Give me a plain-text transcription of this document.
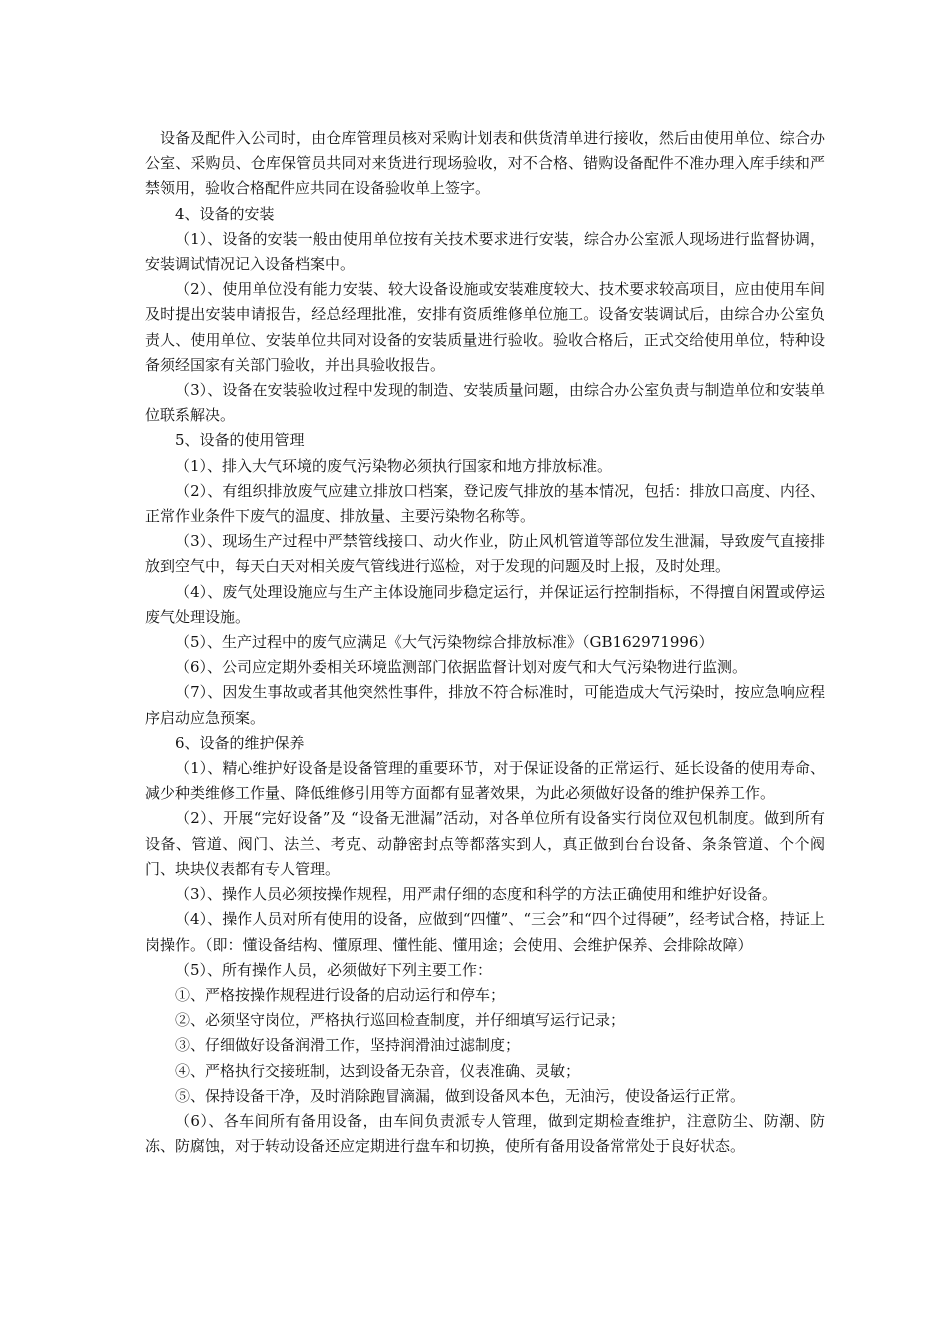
设备及配件入公司时，由仓库管理员核对采购计划表和供货清单进行接收，然后由使用单位、综合办公室、采购员、仓库保管员共同对来货进行现场验收，对不合格、错购设备配件不准办理入库手续和严禁领用，验收合格配件应共同在设备验收单上签字。

4、设备的安装

（1）、设备的安装一般由使用单位按有关技术要求进行安装，综合办公室派人现场进行监督协调，安装调试情况记入设备档案中。

（2）、使用单位没有能力安装、较大设备设施或安装难度较大、技术要求较高项目，应由使用车间及时提出安装申请报告，经总经理批准，安排有资质维修单位施工。设备安装调试后，由综合办公室负责人、使用单位、安装单位共同对设备的安装质量进行验收。验收合格后，正式交给使用单位，特种设备须经国家有关部门验收，并出具验收报告。

（3）、设备在安装验收过程中发现的制造、安装质量问题，由综合办公室负责与制造单位和安装单位联系解决。

5、设备的使用管理

（1）、排入大气环境的废气污染物必须执行国家和地方排放标准。

（2）、有组织排放废气应建立排放口档案，登记废气排放的基本情况，包括：排放口高度、内径、正常作业条件下废气的温度、排放量、主要污染物名称等。

（3）、现场生产过程中严禁管线接口、动火作业，防止风机管道等部位发生泄漏，导致废气直接排放到空气中，每天白天对相关废气管线进行巡检，对于发现的问题及时上报，及时处理。

（4）、废气处理设施应与生产主体设施同步稳定运行，并保证运行控制指标，不得擅自闲置或停运废气处理设施。

（5）、生产过程中的废气应满足《大气污染物综合排放标准》（GB162971996）

（6）、公司应定期外委相关环境监测部门依据监督计划对废气和大气污染物进行监测。

（7）、因发生事故或者其他突然性事件，排放不符合标准时，可能造成大气污染时，按应急响应程序启动应急预案。

6、设备的维护保养

（1）、精心维护好设备是设备管理的重要环节，对于保证设备的正常运行、延长设备的使用寿命、减少种类维修工作量、降低维修引用等方面都有显著效果，为此必须做好设备的维护保养工作。

（2）、开展“完好设备”及 “设备无泄漏”活动，对各单位所有设备实行岗位双包机制度。做到所有设备、管道、阀门、法兰、考克、动静密封点等都落实到人，真正做到台台设备、条条管道、个个阀门、块块仪表都有专人管理。

（3）、操作人员必须按操作规程，用严肃仔细的态度和科学的方法正确使用和维护好设备。

（4）、操作人员对所有使用的设备，应做到“四懂”、“三会”和“四个过得硬”，经考试合格，持证上岗操作。（即：懂设备结构、懂原理、懂性能、懂用途；会使用、会维护保养、会排除故障）

（5）、所有操作人员，必须做好下列主要工作：

①、严格按操作规程进行设备的启动运行和停车；

②、必须坚守岗位，严格执行巡回检查制度，并仔细填写运行记录；

③、仔细做好设备润滑工作，坚持润滑油过滤制度；

④、严格执行交接班制，达到设备无杂音，仪表准确、灵敏；

⑤、保持设备干净，及时消除跑冒滴漏，做到设备风本色，无油污，使设备运行正常。

（6）、各车间所有备用设备，由车间负责派专人管理，做到定期检查维护，注意防尘、防潮、防冻、防腐蚀，对于转动设备还应定期进行盘车和切换，使所有备用设备常常处于良好状态。
